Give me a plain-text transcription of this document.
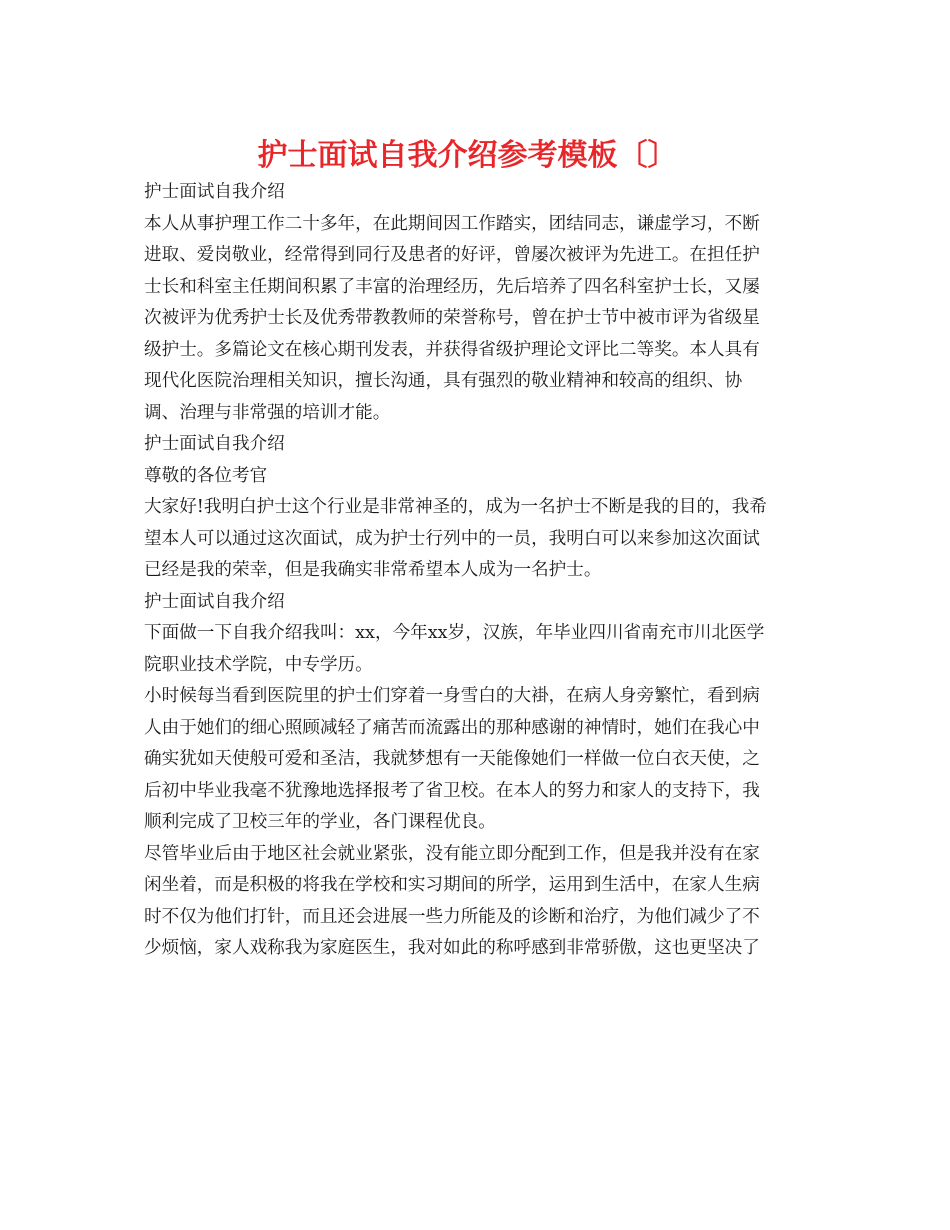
护士面试自我介绍参考模板〔〕
护士面试自我介绍
本人从事护理工作二十多年，在此期间因工作踏实，团结同志，谦虚学习，不断
进取、爱岗敬业，经常得到同行及患者的好评，曾屡次被评为先进工。在担任护
士长和科室主任期间积累了丰富的治理经历，先后培养了四名科室护士长，又屡
次被评为优秀护士长及优秀带教教师的荣誉称号，曾在护士节中被市评为省级星
级护士。多篇论文在核心期刊发表，并获得省级护理论文评比二等奖。本人具有
现代化医院治理相关知识，擅长沟通，具有强烈的敬业精神和较高的组织、协
调、治理与非常强的培训才能。
护士面试自我介绍
尊敬的各位考官
大家好!我明白护士这个行业是非常神圣的，成为一名护士不断是我的目的，我希
望本人可以通过这次面试，成为护士行列中的一员，我明白可以来参加这次面试
已经是我的荣幸，但是我确实非常希望本人成为一名护士。
护士面试自我介绍
下面做一下自我介绍我叫：xx，今年xx岁，汉族，年毕业四川省南充市川北医学
院职业技术学院，中专学历。
小时候每当看到医院里的护士们穿着一身雪白的大褂，在病人身旁繁忙，看到病
人由于她们的细心照顾减轻了痛苦而流露出的那种感谢的神情时，她们在我心中
确实犹如天使般可爱和圣洁，我就梦想有一天能像她们一样做一位白衣天使，之
后初中毕业我毫不犹豫地选择报考了省卫校。在本人的努力和家人的支持下，我
顺利完成了卫校三年的学业，各门课程优良。
尽管毕业后由于地区社会就业紧张，没有能立即分配到工作，但是我并没有在家
闲坐着，而是积极的将我在学校和实习期间的所学，运用到生活中，在家人生病
时不仅为他们打针，而且还会进展一些力所能及的诊断和治疗，为他们减少了不
少烦恼，家人戏称我为家庭医生，我对如此的称呼感到非常骄傲，这也更坚决了
